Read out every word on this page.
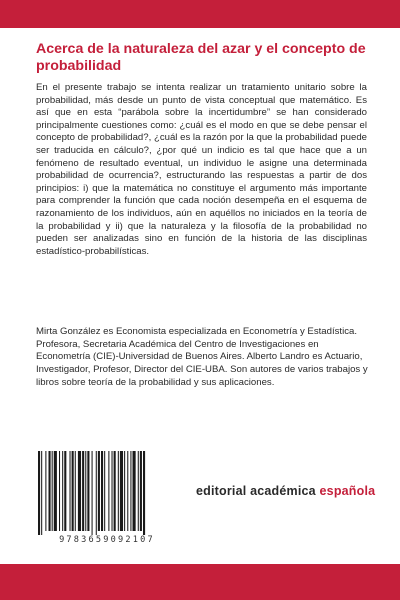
Acerca de la naturaleza del azar y el concepto de probabilidad

En el presente trabajo se intenta realizar un tratamiento unitario sobre la probabilidad, más desde un punto de vista conceptual que matemático. Es así que en esta “parábola sobre la incertidumbre” se han considerado principalmente cuestiones como: ¿cuál es el modo en que se debe pensar el concepto de probabilidad?, ¿cuál es la razón por la que la probabilidad puede ser traducida en cálculo?, ¿por qué un indicio es tal que hace que a un fenómeno de resultado eventual, un individuo le asigne una determinada probabilidad de ocurrencia?, estructurando las respuestas a partir de dos principios: i) que la matemática no constituye el argumento más importante para comprender la función que cada noción desempeña en el esquema de razonamiento de los individuos, aún en aquéllos no iniciados en la teoría de la probabilidad y ii) que la naturaleza y la filosofía de la probabilidad no pueden ser analizadas sino en función de la historia de las disciplinas estadístico-probabilísticas.

Mirta González es Economista especializada en Econometría y Estadística. Profesora, Secretaria Académica del Centro de Investigaciones en Econometría (CIE)-Universidad de Buenos Aires. Alberto Landro es Actuario, Investigador, Profesor, Director del CIE-UBA. Son autores de varios trabajos y libros sobre teoría de la probabilidad y sus aplicaciones.

9783659092107
editorial académica española
